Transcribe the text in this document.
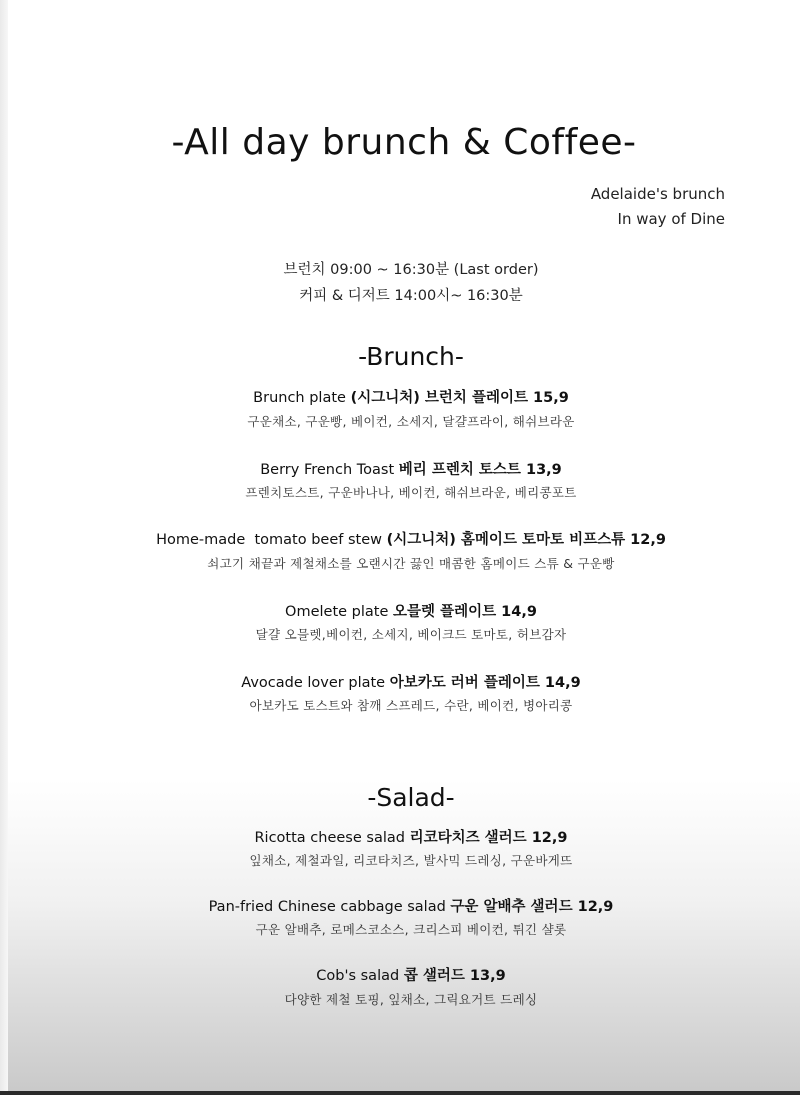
-All day brunch & Coffee-
Adelaide's brunch
In way of Dine
브런치 09:00 ~ 16:30분 (Last order)
커피 & 디저트 14:00시~ 16:30분
-Brunch-
Brunch plate (시그니처) 브런치 플레이트 15,9
구운채소, 구운빵, 베이컨, 소세지, 달걀프라이, 해쉬브라운
Berry French Toast 베리 프렌치 토스트 13,9
프렌치토스트, 구운바나나, 베이컨, 해쉬브라운, 베리콩포트
Home-made  tomato beef stew (시그니처) 홈메이드 토마토 비프스튜 12,9
쇠고기 채끝과 제철채소를 오랜시간 끓인 매콤한 홈메이드 스튜 & 구운빵
Omelete plate 오믈렛 플레이트 14,9
달걀 오믈렛,베이컨, 소세지, 베이크드 토마토, 허브감자
Avocade lover plate 아보카도 러버 플레이트 14,9
아보카도 토스트와 참깨 스프레드, 수란, 베이컨, 병아리콩
-Salad-
Ricotta cheese salad 리코타치즈 샐러드 12,9
잎채소, 제철과일, 리코타치즈, 발사믹 드레싱, 구운바게뜨
Pan-fried Chinese cabbage salad 구운 알배추 샐러드 12,9
구운 알배추, 로메스코소스, 크리스피 베이컨, 튀긴 샬롯
Cob's salad 콥 샐러드 13,9
다양한 제철 토핑, 잎채소, 그릭요거트 드레싱
